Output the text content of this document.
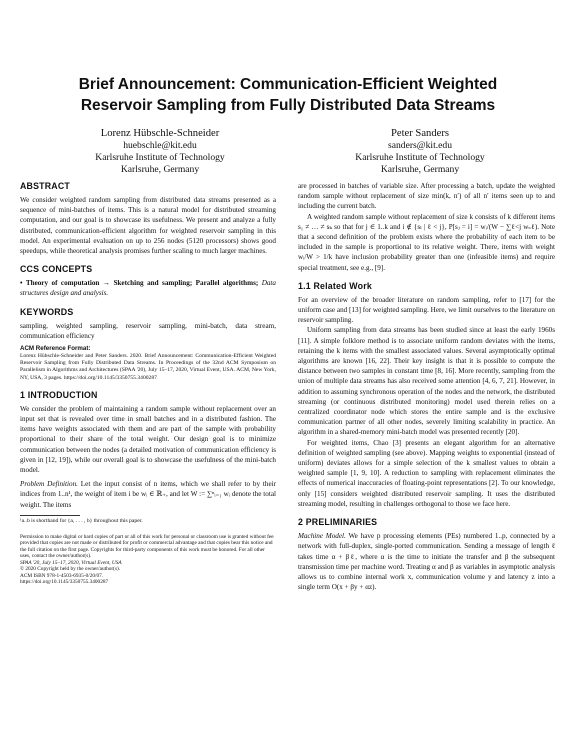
Brief Announcement: Communication-Efficient Weighted
Reservoir Sampling from Fully Distributed Data Streams
Lorenz Hübschle-Schneider
huebschle@kit.edu
Karlsruhe Institute of Technology
Karlsruhe, Germany
Peter Sanders
sanders@kit.edu
Karlsruhe Institute of Technology
Karlsruhe, Germany
ABSTRACT

We consider weighted random sampling from distributed data streams presented as a sequence of mini-batches of items. This is a natural model for distributed streaming computation, and our goal is to showcase its usefulness. We present and analyze a fully distributed, communication-efficient algorithm for weighted reservoir sampling in this model. An experimental evaluation on up to 256 nodes (5120 processors) shows good speedups, while theoretical analysis promises further scaling to much larger machines.

CCS CONCEPTS

• Theory of computation → Sketching and sampling; Parallel algorithms; Data structures design and analysis.

KEYWORDS

sampling, weighted sampling, reservoir sampling, mini-batch, data stream, communication efficiency

ACM Reference Format:

Lorenz Hübschle-Schneider and Peter Sanders. 2020. Brief Announcement: Communication-Efficient Weighted Reservoir Sampling from Fully Distributed Data Streams. In Proceedings of the 32nd ACM Symposium on Parallelism in Algorithms and Architectures (SPAA '20), July 15–17, 2020, Virtual Event, USA. ACM, New York, NY, USA, 3 pages. https://doi.org/10.1145/3350755.3400287

1 INTRODUCTION

We consider the problem of maintaining a random sample without replacement over an input set that is revealed over time in small batches and in a distributed fashion. The items have weights associated with them and are part of the sample with probability proportional to their share of the total weight. Our design goal is to minimize communication between the nodes (a detailed motivation of communication efficiency is given in [12, 19]), while our overall goal is to showcase the usefulness of the mini-batch model.

Problem Definition. Let the input consist of n items, which we shall refer to by their indices from 1..n¹, the weight of item i be wᵢ ∈ ℝ₊, and let W := ∑ⁿᵢ₌₁ wᵢ denote the total weight. The items

¹a..b is shorthand for {a, . . . , b} throughout this paper.

Permission to make digital or hard copies of part or all of this work for personal or classroom use is granted without fee provided that copies are not made or distributed for profit or commercial advantage and that copies bear this notice and the full citation on the first page. Copyrights for third-party components of this work must be honored. For all other uses, contact the owner/author(s).
SPAA '20, July 15–17, 2020, Virtual Event, USA
© 2020 Copyright held by the owner/author(s).
ACM ISBN 978-1-4503-6935-0/20/07.
https://doi.org/10.1145/3350755.3400287

are processed in batches of variable size. After processing a batch, update the weighted random sample without replacement of size min(k, n′) of all n′ items seen up to and including the current batch.

A weighted random sample without replacement of size k consists of k different items s₁ ≠ … ≠ sₖ so that for j ∈ 1..k and i ∉ {sₗ | ℓ < j}, P[sⱼ = i] = wᵢ/(W − ∑ℓ<j wₛℓ). Note that a second definition of the problem exists where the probability of each item to be included in the sample is proportional to its relative weight. There, items with weight wᵢ/W > 1/k have inclusion probability greater than one (infeasible items) and require special treatment, see e.g., [9].

1.1 Related Work

For an overview of the broader literature on random sampling, refer to [17] for the uniform case and [13] for weighted sampling. Here, we limit ourselves to the literature on reservoir sampling.

Uniform sampling from data streams has been studied since at least the early 1960s [11]. A simple folklore method is to associate uniform random deviates with the items, retaining the k items with the smallest associated values. Several asymptotically optimal algorithms are known [16, 22]. Their key insight is that it is possible to compute the distance between two samples in constant time [8, 16]. More recently, sampling from the union of multiple data streams has also received some attention [4, 6, 7, 21]. However, in addition to assuming synchronous operation of the nodes and the network, the distributed streaming (or continuous distributed monitoring) model used therein relies on a centralized coordinator node which stores the entire sample and is the exclusive communication partner of all other nodes, severely limiting scalability in practice. An algorithm in a shared-memory mini-batch model was presented recently [20].

For weighted items, Chao [3] presents an elegant algorithm for an alternative definition of weighted sampling (see above). Mapping weights to exponential (instead of uniform) deviates allows for a simple selection of the k smallest values to obtain a weighted sample [1, 9, 10]. A reduction to sampling with replacement eliminates the effects of numerical inaccuracies of floating-point representations [2]. To our knowledge, only [15] considers weighted distributed reservoir sampling. It uses the distributed streaming model, resulting in challenges orthogonal to those we face here.

2 PRELIMINARIES

Machine Model. We have p processing elements (PEs) numbered 1..p, connected by a network with full-duplex, single-ported communication. Sending a message of length ℓ takes time α + βℓ, where α is the time to initiate the transfer and β the subsequent transmission time per machine word. Treating α and β as variables in asymptotic analysis allows us to combine internal work x, communication volume y and latency z into a single term O(x + βy + αz).
